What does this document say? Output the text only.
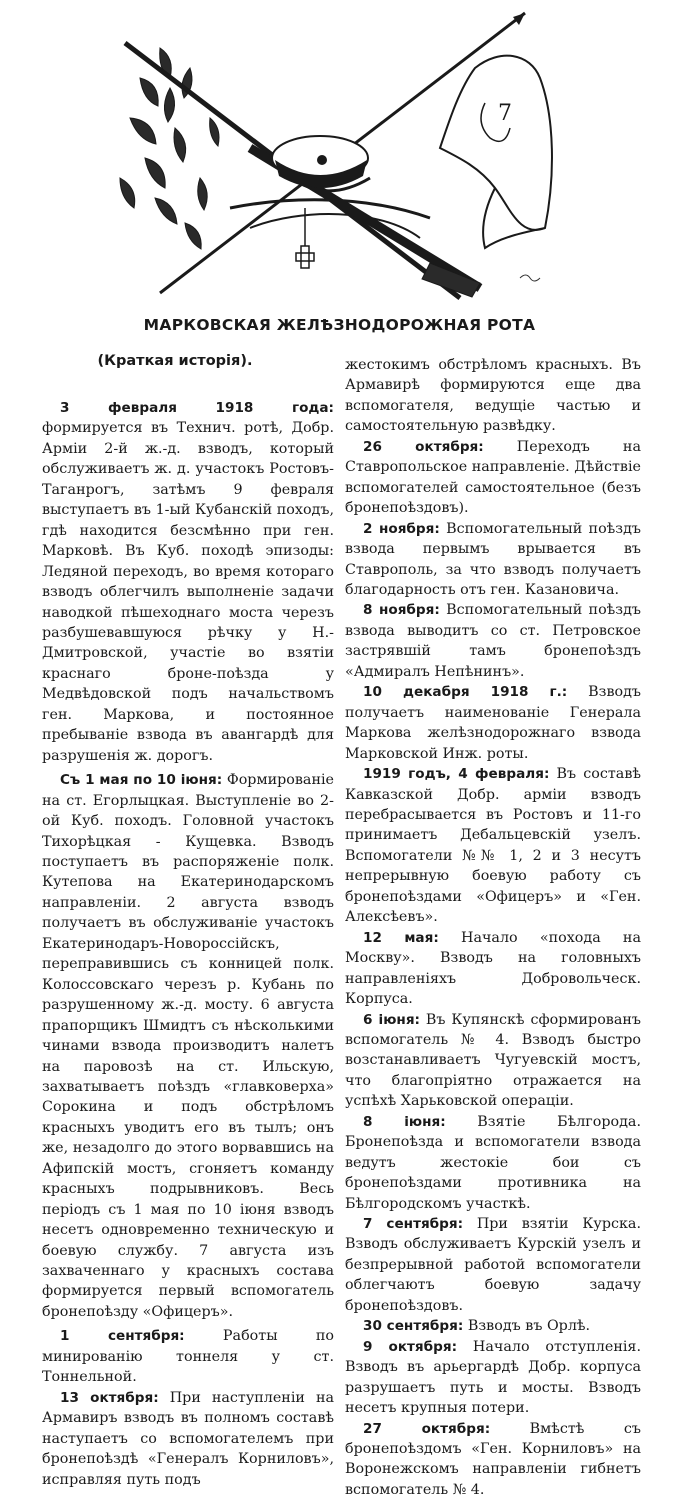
7
МАРКОВСКАЯ ЖЕЛѢЗНОДОРОЖНАЯ РОТА
(Краткая исторія).

3 февраля 1918 года: формируется въ Технич. ротѣ, Добр. Арміи 2-й ж.-д. взводъ, который обслуживаетъ ж. д. участокъ Ростовъ-Таганрогъ, затѣмъ 9 февраля выступаетъ въ 1-ый Кубанскій походъ, гдѣ находится безсмѣнно при ген. Марковѣ. Въ Куб. походѣ эпизоды: Ледяной переходъ, во время котораго взводъ облегчилъ выполненіе задачи наводкой пѣшеходнаго моста черезъ разбушевавшуюся рѣчку у Н.-Дмитровской, участіе во взятіи краснаго броне-поѣзда у Медвѣдовской подъ начальствомъ ген. Маркова, и постоянное пребываніе взвода въ авангардѣ для разрушенія ж. дорогъ.

Съ 1 мая по 10 іюня: Формированіе на ст. Егорлыцкая. Выступленіе во 2-ой Куб. походъ. Головной участокъ Тихорѣцкая - Кущевка. Взводъ поступаетъ въ распоряженіе полк. Кутепова на Екатеринодарскомъ направленіи. 2 августа взводъ получаетъ въ обслуживаніе участокъ Екатеринодаръ-Новороссійскъ, переправившись съ конницей полк. Колоссовскаго черезъ р. Кубань по разрушенному ж.-д. мосту. 6 августа прапорщикъ Шмидтъ съ нѣсколькими чинами взвода производитъ налетъ на паровозѣ на ст. Ильскую, захватываетъ поѣздъ «главковерха» Сорокина и подъ обстрѣломъ красныхъ уводитъ его въ тылъ; онъ же, незадолго до этого ворвавшись на Афипскій мостъ, сгоняетъ команду красныхъ подрывниковъ. Весь періодъ съ 1 мая по 10 іюня взводъ несетъ одновременно техническую и боевую службу. 7 августа изъ захваченнаго у красныхъ состава формируется первый вспомогатель бронепоѣзду «Офицеръ».

1 сентября: Работы по минированію тоннеля у ст. Тоннельной.

13 октября: При наступленіи на Армавиръ взводъ въ полномъ составѣ наступаетъ со вспомогателемъ при бронепоѣздѣ «Генералъ Корниловъ», исправляя путь подъ

жестокимъ обстрѣломъ красныхъ. Въ Армавирѣ формируются еще два вспомогателя, ведущіе частью и самостоятельную развѣдку.

26 октября: Переходъ на Ставропольское направленіе. Дѣйствіе вспомогателей самостоятельное (безъ бронепоѣздовъ).

2 ноября: Вспомогательный поѣздъ взвода первымъ врывается въ Ставрополь, за что взводъ получаетъ благодарность отъ ген. Казановича.

8 ноября: Вспомогательный поѣздъ взвода выводитъ со ст. Петровское застрявшій тамъ бронепоѣздъ «Адмиралъ Непѣнинъ».

10 декабря 1918 г.: Взводъ получаетъ наименованіе Генерала Маркова желѣзнодорожнаго взвода Марковской Инж. роты.

1919 годъ, 4 февраля: Въ составѣ Кавказской Добр. арміи взводъ перебрасывается въ Ростовъ и 11-го принимаетъ Дебальцевскій узелъ. Вспомогатели №№ 1, 2 и 3 несутъ непрерывную боевую работу съ бронепоѣздами «Офицеръ» и «Ген. Алексѣевъ».

12 мая: Начало «похода на Москву». Взводъ на головныхъ направленіяхъ Добровольческ. Корпуса.

6 іюня: Въ Купянскѣ сформированъ вспомогатель № 4. Взводъ быстро возстанавливаетъ Чугуевскій мостъ, что благопріятно отражается на успѣхѣ Харьковской операціи.

8 іюня: Взятіе Бѣлгорода. Бронепоѣзда и вспомогатели взвода ведутъ жестокіе бои съ бронепоѣздами противника на Бѣлгородскомъ участкѣ.

7 сентября: При взятіи Курска. Взводъ обслуживаетъ Курскій узелъ и безпрерывной работой вспомогатели облегчаютъ боевую задачу бронепоѣздовъ.

30 сентября: Взводъ въ Орлѣ.

9 октября: Начало отступленія. Взводъ въ арьергардѣ Добр. корпуса разрушаетъ путь и мосты. Взводъ несетъ крупныя потери.

27 октября: Вмѣстѣ съ бронепоѣздомъ «Ген. Корниловъ» на Воронежскомъ направленіи гибнетъ вспомогатель № 4.
